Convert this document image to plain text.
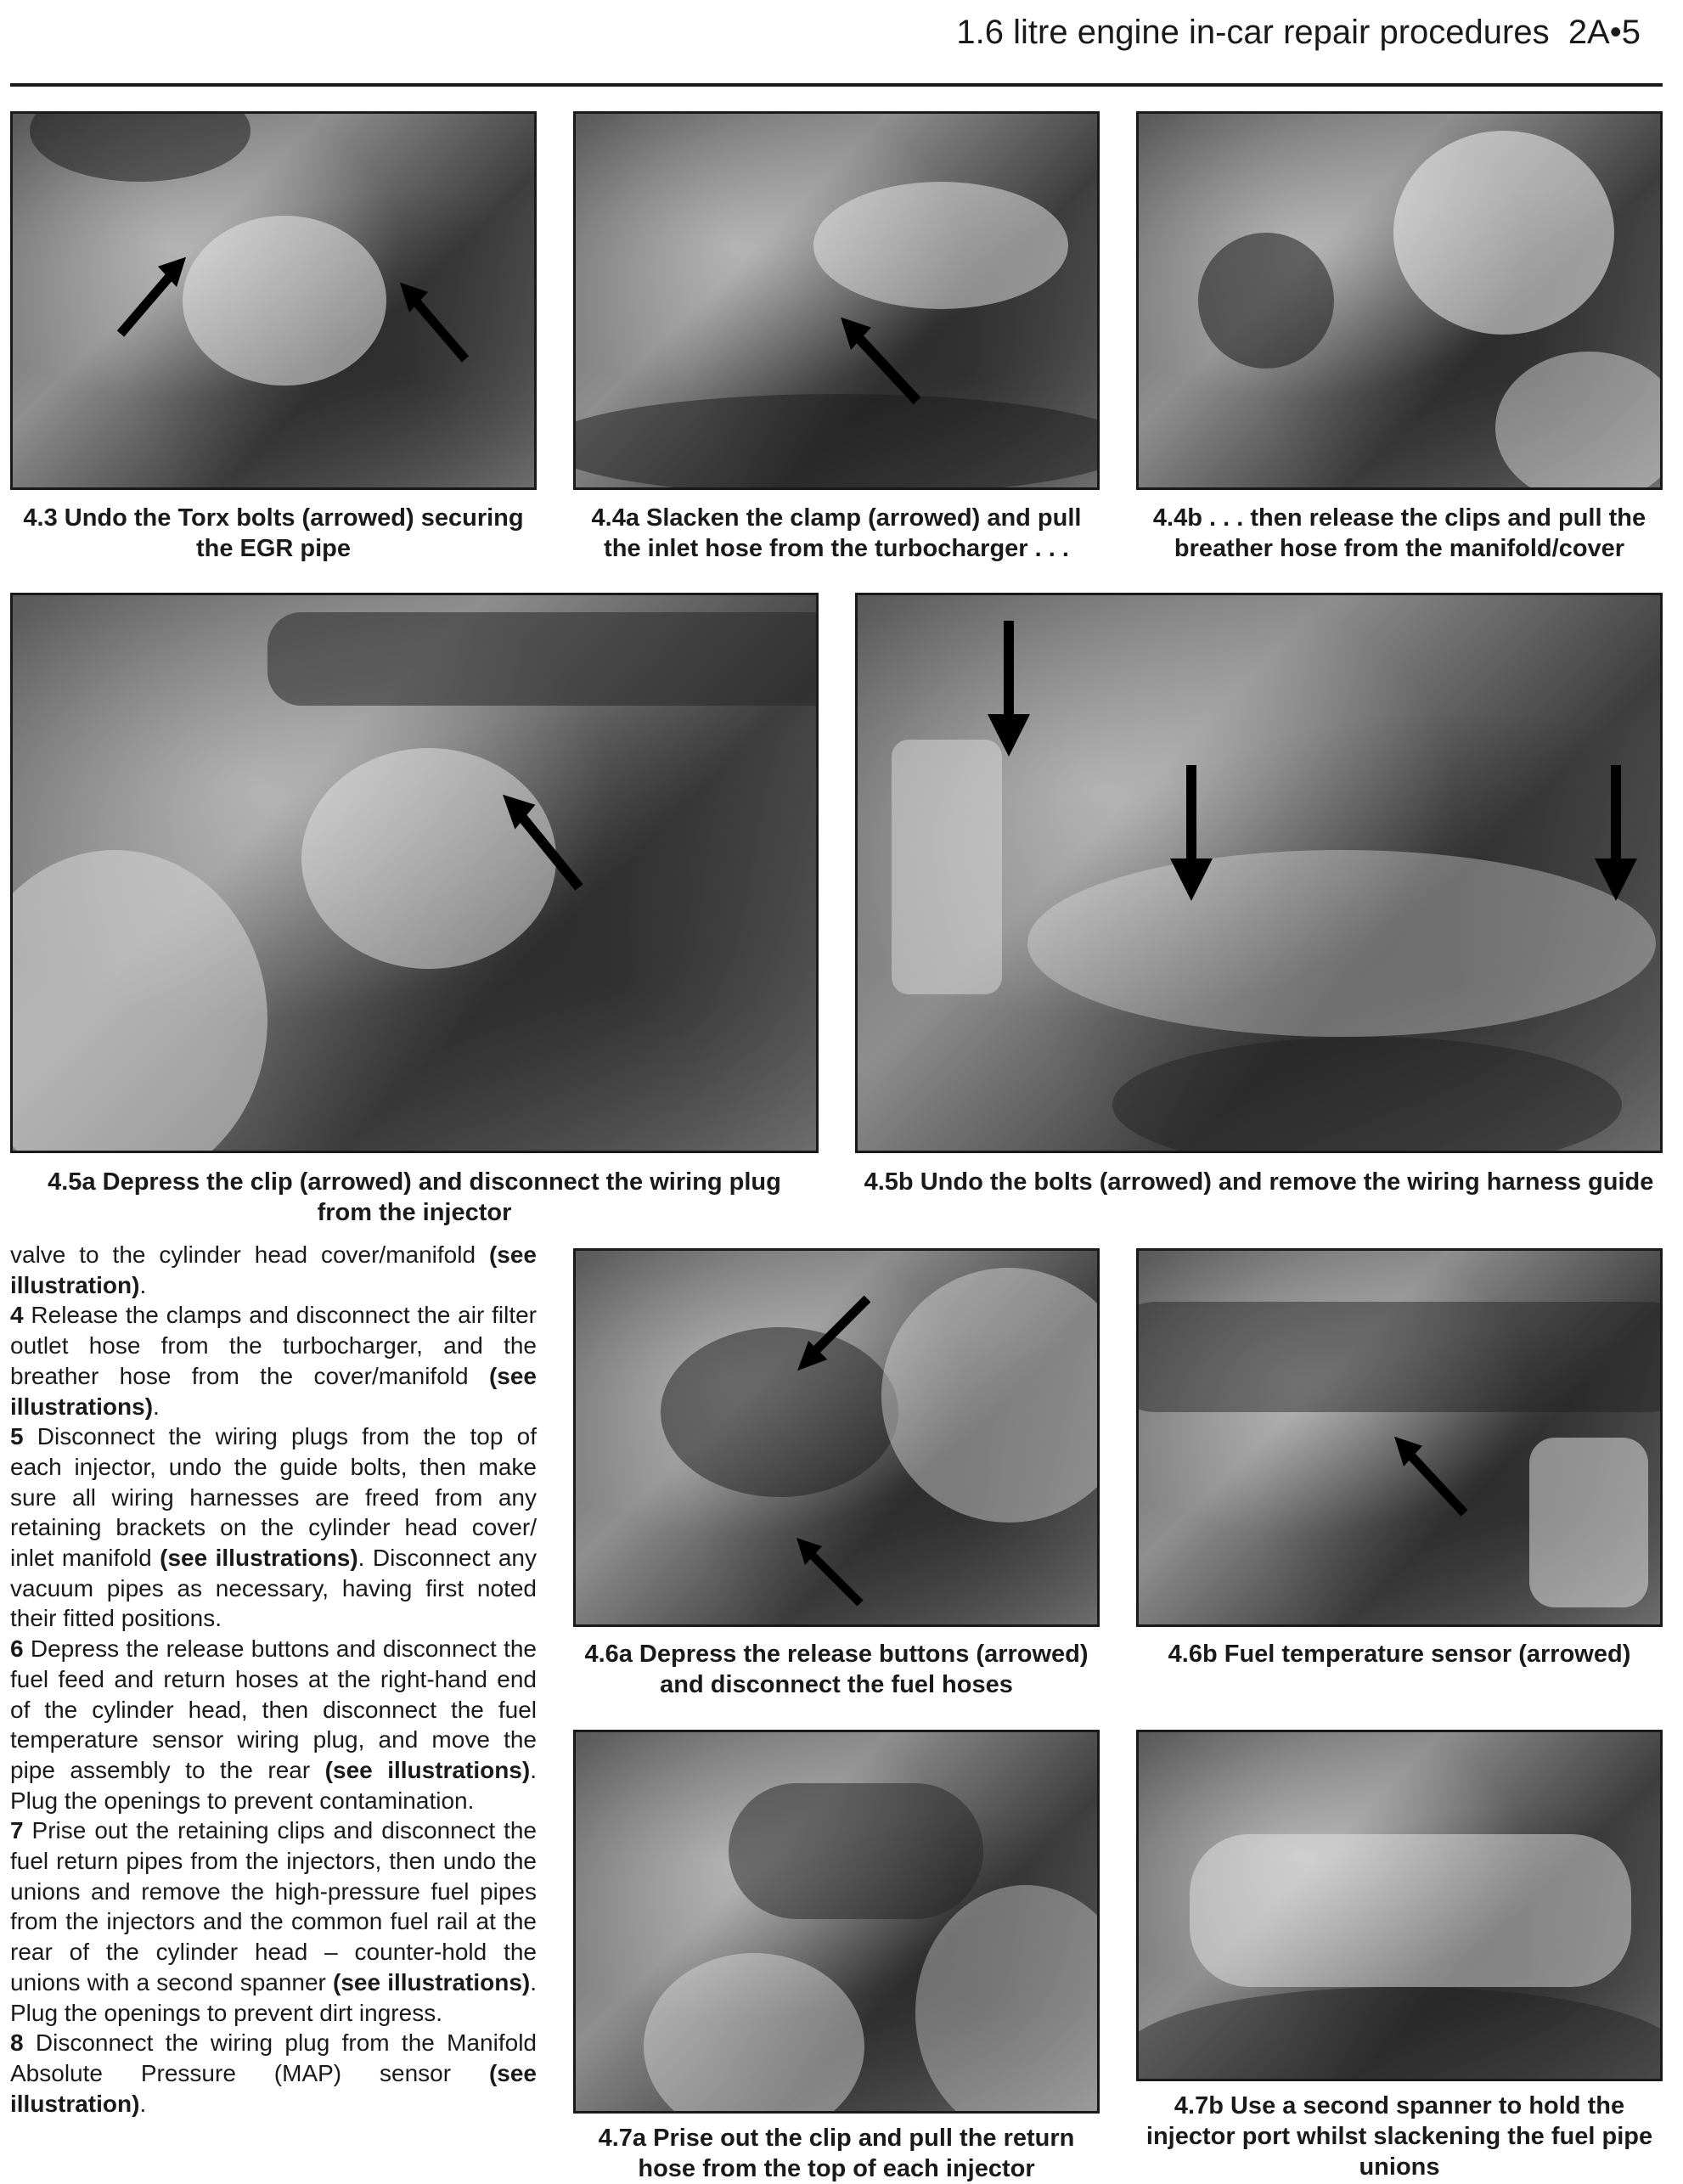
1.6 litre engine in-car repair procedures 2A•5
4.3 Undo the Torx bolts (arrowed) securing the EGR pipe
4.4a Slacken the clamp (arrowed) and pull the inlet hose from the turbocharger . . .
4.4b . . . then release the clips and pull the breather hose from the manifold/cover
4.5a Depress the clip (arrowed) and disconnect the wiring plug from the injector
4.5b Undo the bolts (arrowed) and remove the wiring harness guide
4.6a Depress the release buttons (arrowed) and disconnect the fuel hoses
4.6b Fuel temperature sensor (arrowed)
4.7a Prise out the clip and pull the return hose from the top of each injector
4.7b Use a second spanner to hold the injector port whilst slackening the fuel pipe unions

valve to the cylinder head cover/manifold (see illustration).

4 Release the clamps and disconnect the air filter outlet hose from the turbocharger, and the breather hose from the cover/manifold (see illustrations).

5 Disconnect the wiring plugs from the top of each injector, undo the guide bolts, then make sure all wiring harnesses are freed from any retaining brackets on the cylinder head cover/ inlet manifold (see illustrations). Disconnect any vacuum pipes as necessary, having first noted their fitted positions.

6 Depress the release buttons and disconnect the fuel feed and return hoses at the right-hand end of the cylinder head, then disconnect the fuel temperature sensor wiring plug, and move the pipe assembly to the rear (see illustrations). Plug the openings to prevent contamination.

7 Prise out the retaining clips and disconnect the fuel return pipes from the injectors, then undo the unions and remove the high-pressure fuel pipes from the injectors and the common fuel rail at the rear of the cylinder head – counter-hold the unions with a second spanner (see illustrations). Plug the openings to prevent dirt ingress.

8 Disconnect the wiring plug from the Manifold Absolute Pressure (MAP) sensor (see illustration).
